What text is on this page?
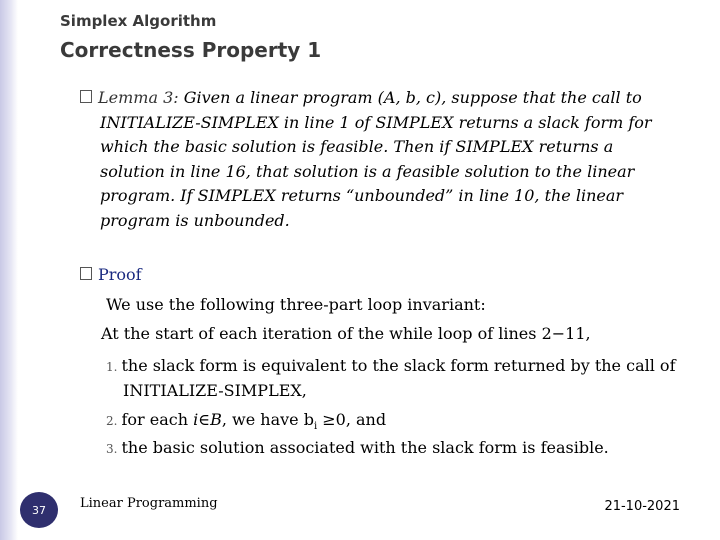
Simplex Algorithm
Correctness Property 1
Lemma 3: Given a linear program (A, b, c), suppose that the call to INITIALIZE-SIMPLEX in line 1 of SIMPLEX returns a slack form for which the basic solution is feasible. Then if SIMPLEX returns a solution in line 16, that solution is a feasible solution to the linear program. If SIMPLEX returns “unbounded” in line 10, the linear program is unbounded.
Proof
We use the following three-part loop invariant:
At the start of each iteration of the while loop of lines 2−11,
1. the slack form is equivalent to the slack form returned by the call of INITIALIZE-SIMPLEX,
2. for each i∈B, we have $b_i \ge 0$, and
3. the basic solution associated with the slack form is feasible.
37	Linear Programming	21-10-2021
